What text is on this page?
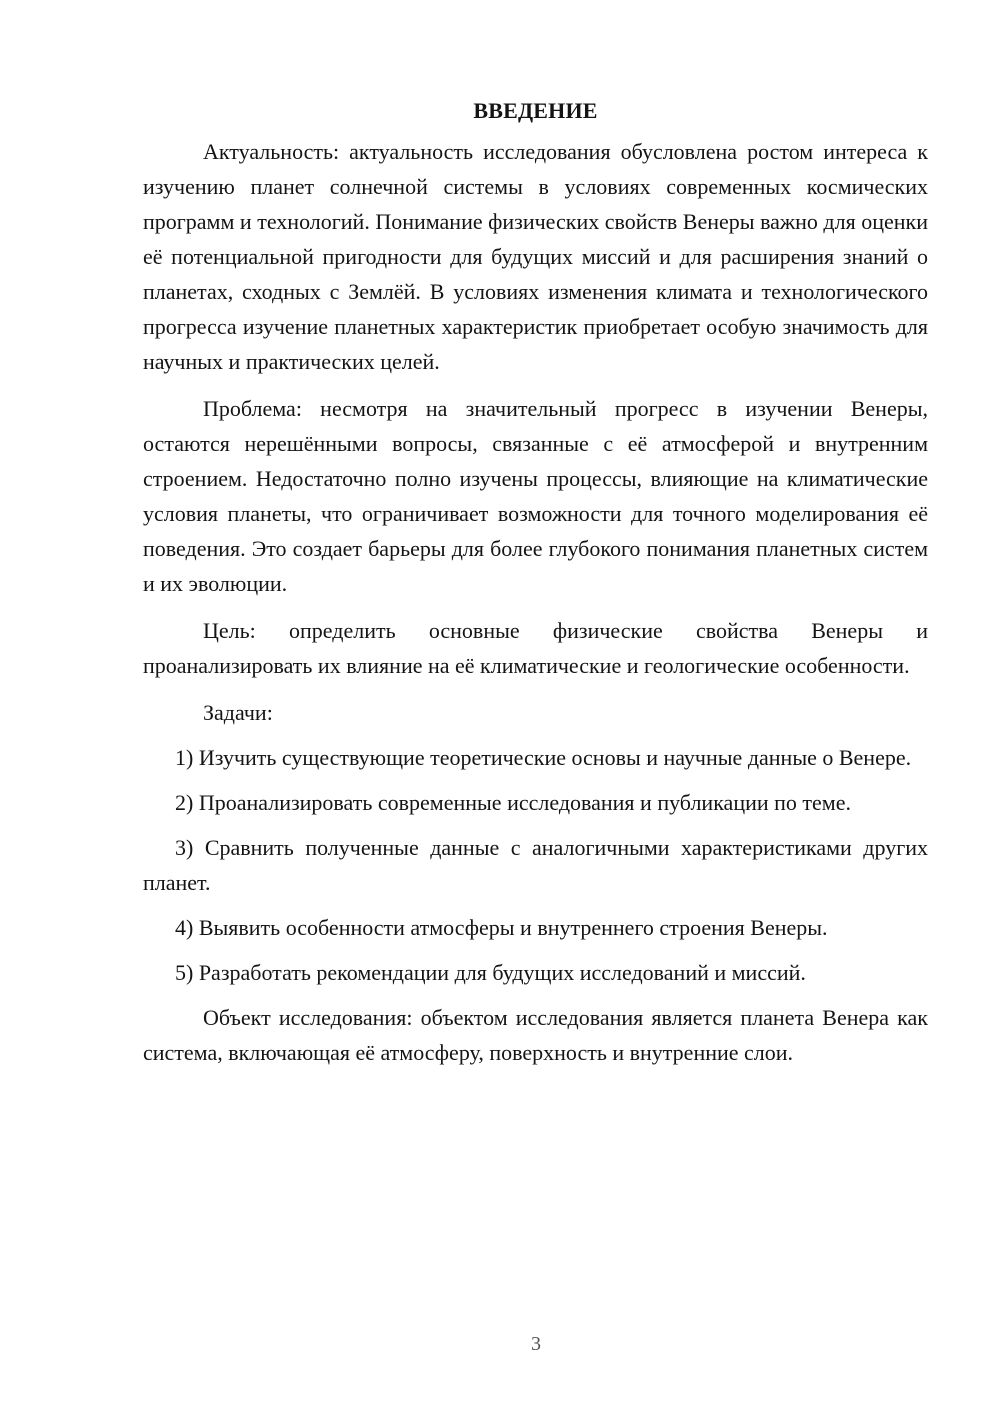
ВВЕДЕНИЕ

Актуальность: актуальность исследования обусловлена ростом интереса к изучению планет солнечной системы в условиях современных космических программ и технологий. Понимание физических свойств Венеры важно для оценки её потенциальной пригодности для будущих миссий и для расширения знаний о планетах, сходных с Землёй. В условиях изменения климата и технологического прогресса изучение планетных характеристик приобретает особую значимость для научных и практических целей.

Проблема: несмотря на значительный прогресс в изучении Венеры, остаются нерешёнными вопросы, связанные с её атмосферой и внутренним строением. Недостаточно полно изучены процессы, влияющие на климатические условия планеты, что ограничивает возможности для точного моделирования её поведения. Это создает барьеры для более глубокого понимания планетных систем и их эволюции.

Цель: определить основные физические свойства Венеры и проанализировать их влияние на её климатические и геологические особенности.

Задачи:

1) Изучить существующие теоретические основы и научные данные о Венере.

2) Проанализировать современные исследования и публикации по теме.

3) Сравнить полученные данные с аналогичными характеристиками других планет.

4) Выявить особенности атмосферы и внутреннего строения Венеры.

5) Разработать рекомендации для будущих исследований и миссий.

Объект исследования: объектом исследования является планета Венера как система, включающая её атмосферу, поверхность и внутренние слои.

3
